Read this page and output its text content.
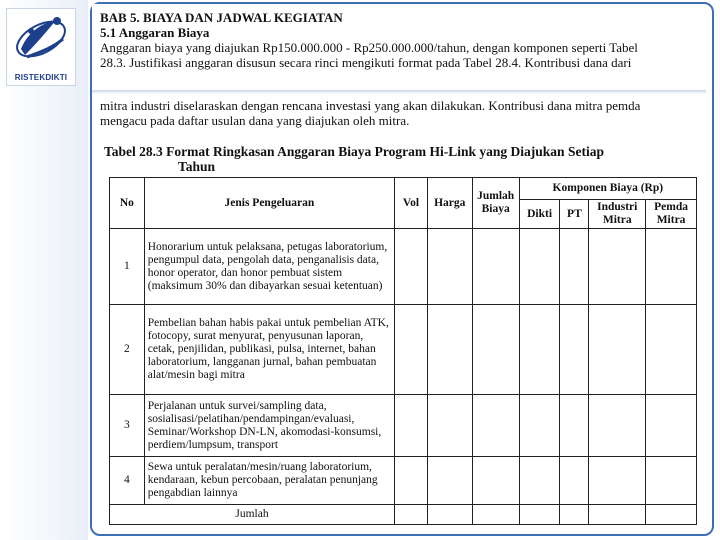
RISTEKDIKTI
BAB 5. BIAYA DAN JADWAL KEGIATAN
5.1 Anggaran Biaya
Anggaran biaya yang diajukan Rp150.000.000 - Rp250.000.000/tahun, dengan komponen seperti Tabel
28.3. Justifikasi anggaran disusun secara rinci mengikuti format pada Tabel 28.4. Kontribusi dana dari
mitra industri diselaraskan dengan rencana investasi yang akan dilakukan. Kontribusi dana mitra pemda
mengacu pada daftar usulan dana yang diajukan oleh mitra.
Tabel 28.3 Format Ringkasan Anggaran Biaya Program Hi-Link yang Diajukan Setiap
Tahun
No	Jenis Pengeluaran	Vol	Harga	Jumlah Biaya	Komponen Biaya (Rp)			
					Dikti	PT	Industri Mitra	Pemda Mitra
1	Honorarium untuk pelaksana, petugas laboratorium, pengumpul data, pengolah data, penganalisis data, honor operator, dan honor pembuat sistem (maksimum 30% dan dibayarkan sesuai ketentuan)							
2	Pembelian bahan habis pakai untuk pembelian ATK, fotocopy, surat menyurat, penyusunan laporan, cetak, penjilidan, publikasi, pulsa, internet, bahan laboratorium, langganan jurnal, bahan pembuatan alat/mesin bagi mitra							
3	Perjalanan untuk survei/sampling data, sosialisasi/pelatihan/pendampingan/evaluasi, Seminar/Workshop DN-LN, akomodasi-konsumsi, perdiem/lumpsum, transport							
4	Sewa untuk peralatan/mesin/ruang laboratorium, kendaraan, kebun percobaan, peralatan penunjang pengabdian lainnya							
Jumlah								
